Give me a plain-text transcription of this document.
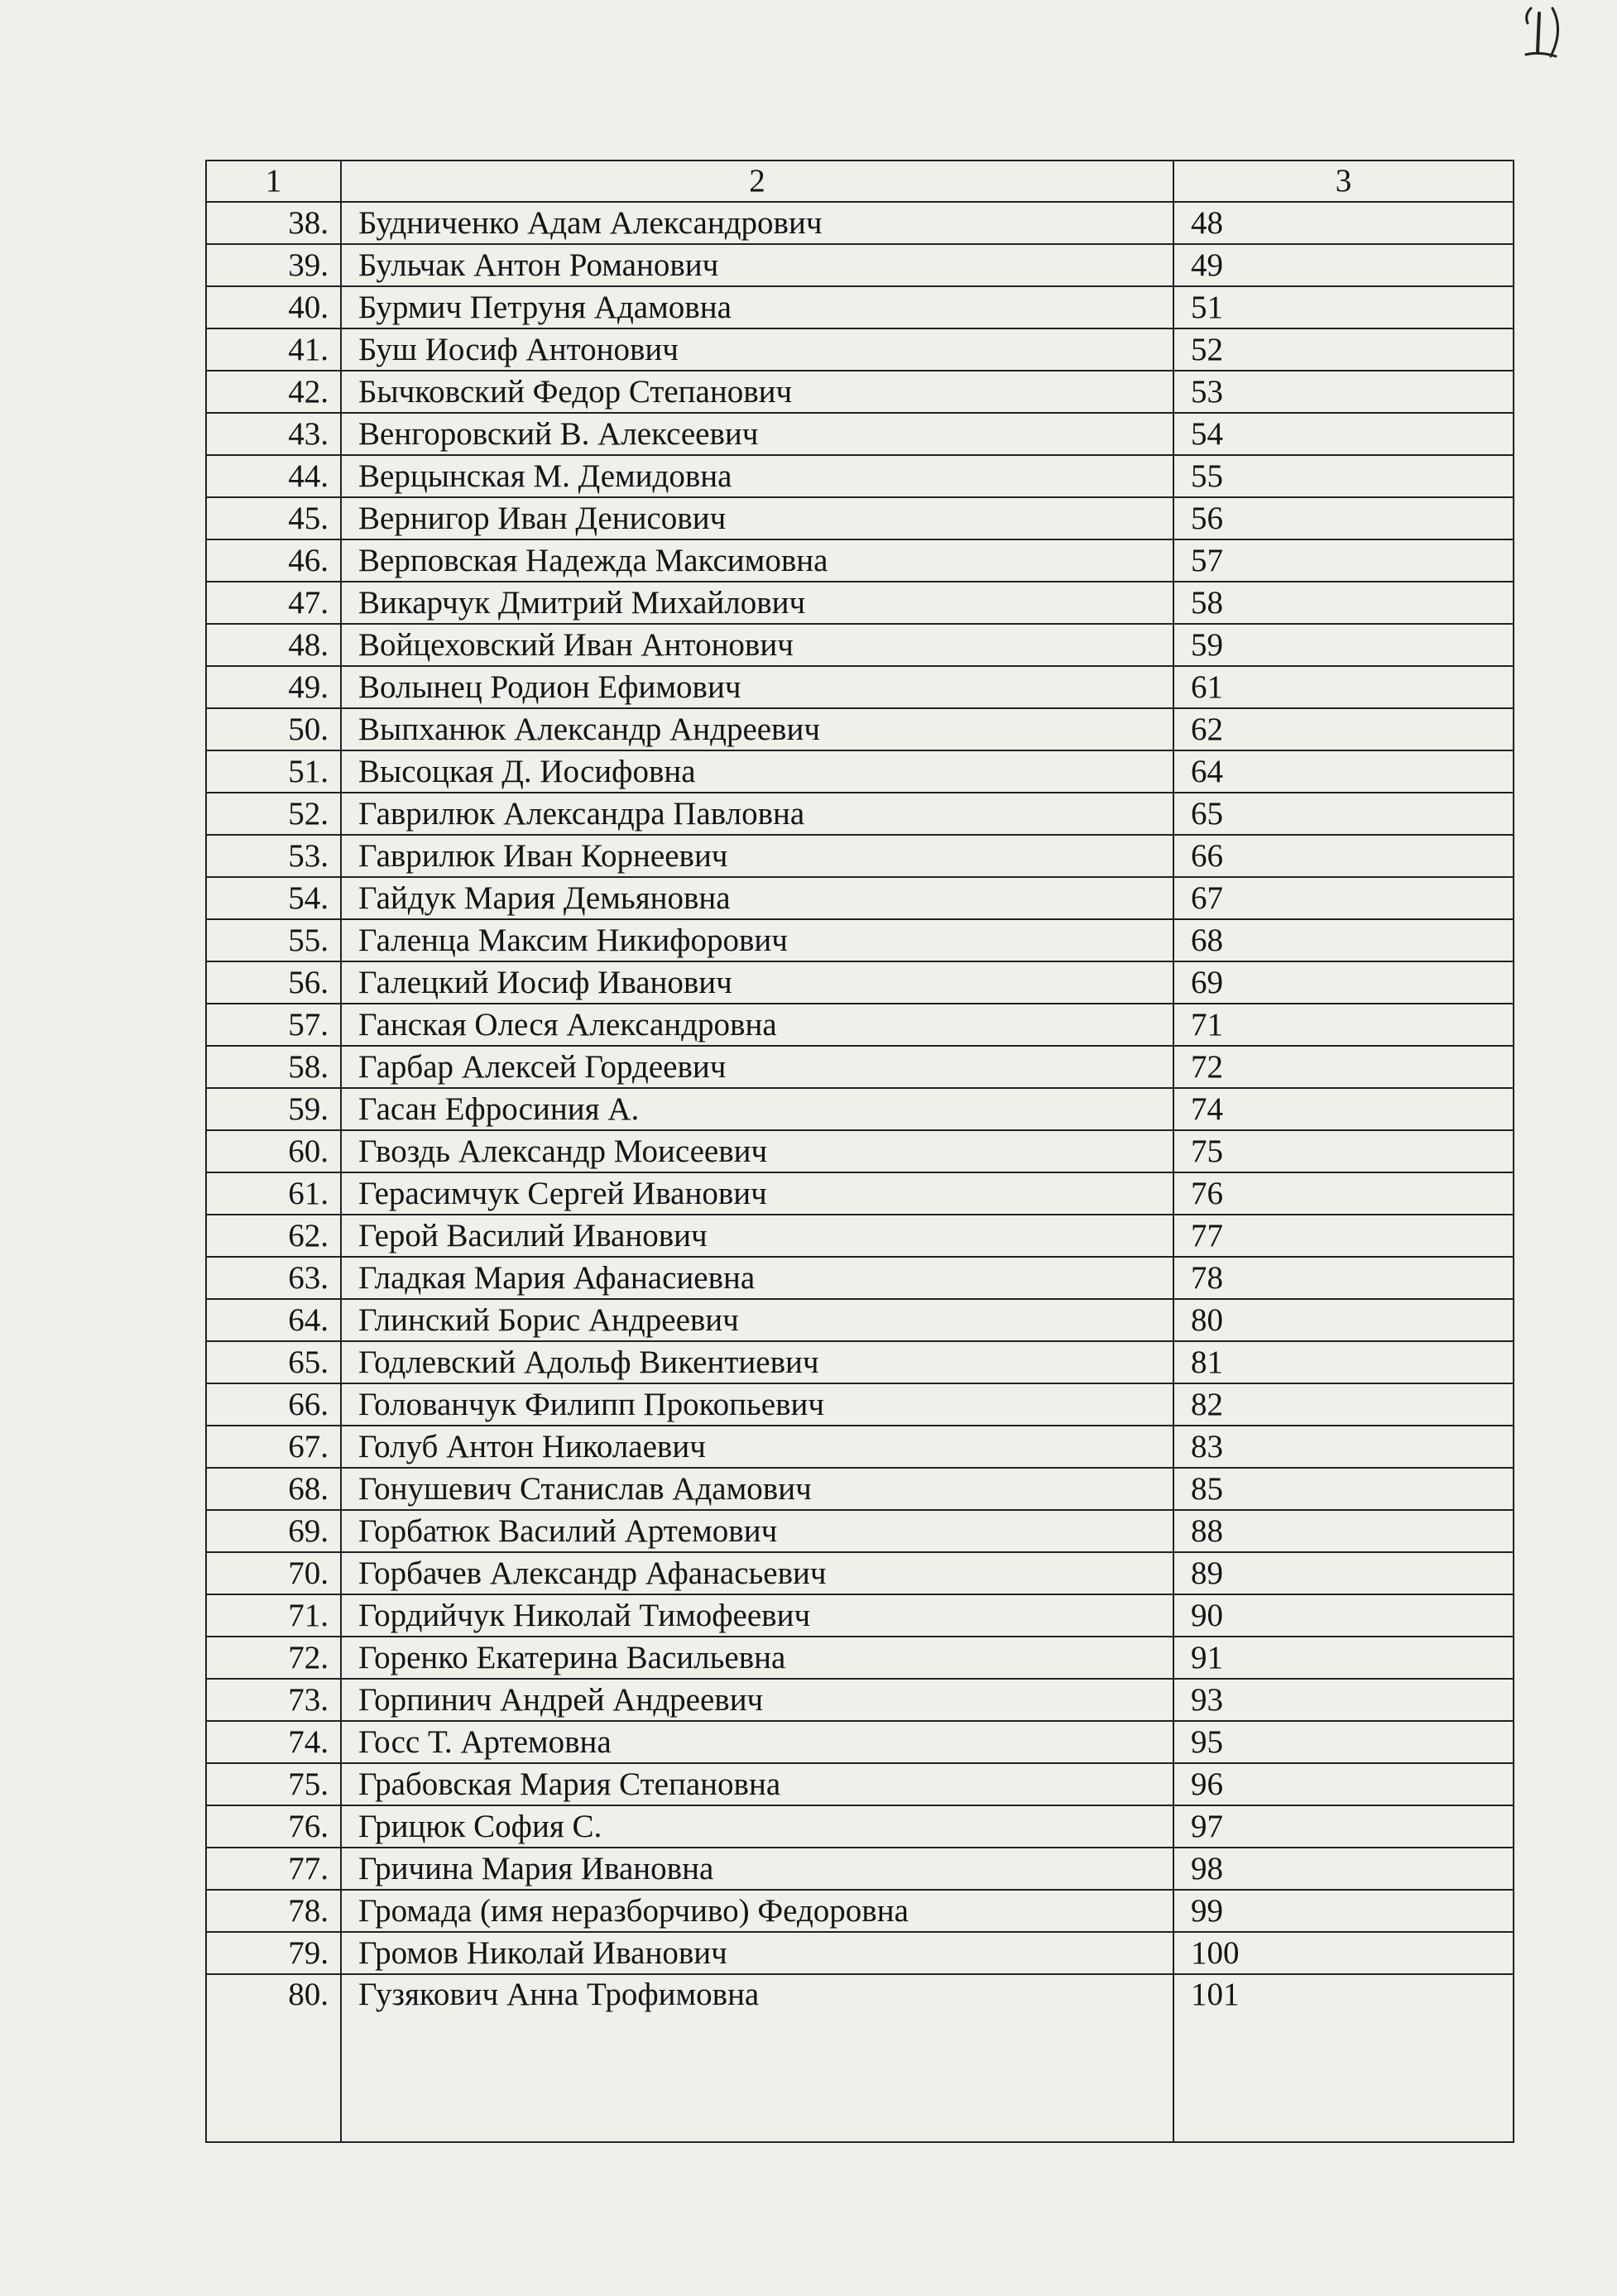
1	2	3
38.	Будниченко Адам Александрович	48
39.	Бульчак Антон Романович	49
40.	Бурмич Петруня Адамовна	51
41.	Буш Иосиф Антонович	52
42.	Бычковский Федор Степанович	53
43.	Венгоровский В. Алексеевич	54
44.	Верцынская М. Демидовна	55
45.	Вернигор Иван Денисович	56
46.	Верповская Надежда Максимовна	57
47.	Викарчук Дмитрий Михайлович	58
48.	Войцеховский Иван Антонович	59
49.	Волынец Родион Ефимович	61
50.	Выпханюк Александр Андреевич	62
51.	Высоцкая Д. Иосифовна	64
52.	Гаврилюк Александра Павловна	65
53.	Гаврилюк Иван Корнеевич	66
54.	Гайдук Мария Демьяновна	67
55.	Галенца Максим Никифорович	68
56.	Галецкий Иосиф Иванович	69
57.	Ганская Олеся Александровна	71
58.	Гарбар Алексей Гордеевич	72
59.	Гасан Ефросиния А.	74
60.	Гвоздь Александр Моисеевич	75
61.	Герасимчук Сергей Иванович	76
62.	Герой Василий Иванович	77
63.	Гладкая Мария Афанасиевна	78
64.	Глинский Борис Андреевич	80
65.	Годлевский Адольф Викентиевич	81
66.	Голованчук Филипп Прокопьевич	82
67.	Голуб Антон Николаевич	83
68.	Гонушевич Станислав Адамович	85
69.	Горбатюк Василий Артемович	88
70.	Горбачев Александр Афанасьевич	89
71.	Гордийчук Николай Тимофеевич	90
72.	Горенко Екатерина Васильевна	91
73.	Горпинич Андрей Андреевич	93
74.	Госс Т. Артемовна	95
75.	Грабовская Мария Степановна	96
76.	Грицюк София С.	97
77.	Гричина Мария Ивановна	98
78.	Громада (имя неразборчиво) Федоровна	99
79.	Громов Николай Иванович	100
80.	Гузякович Анна Трофимовна	101
